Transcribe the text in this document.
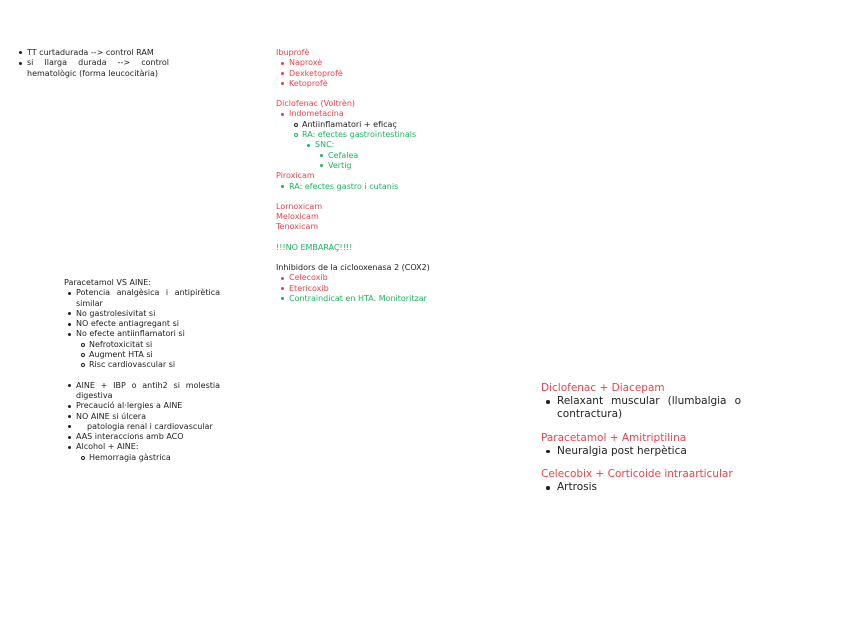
TT curtadurada --> control RAM
si llarga durada --> control hematològic (forma leucocitària)
Ibuprofè
Naproxè
Dexketoprofè
Ketoprofè
Diclofenac (Voltrèn)
Indometacina
Antiinflamatori + eficaç
RA: efectes gastrointestinals
SNC:
Cefalea
Vertig
Piroxicam
RA: efectes gastro i cutanis
Lornoxicam
Meloxicam
Tenoxicam
!!!NO EMBARAÇ!!!!
Inhibidors de la ciclooxenasa 2 (COX2)
Celecoxib
Etericoxib
Contraindicat en HTA. Monitoritzar
Paracetamol VS AINE:
Potencia analgèsica i antipirètica similar
No gastrolesivitat si
NO efecte antiagregant si
No efecte antiinflamatori si
Nefrotoxicitat si
Augment HTA si
Risc cardiovascular si
AINE + IBP o antih2 si molestia digestiva
Precaució al·lergies a AINE
NO AINE si úlcera
patologia renal i cardiovascular
AAS interaccions amb ACO
Alcohol + AINE:
Hemorragia gàstrica
Diclofenac + Diacepam
Relaxant muscular (llumbalgia o contractura)
Paracetamol + Amitriptilina
Neuralgia post herpètica
Celecobix + Corticoide intraarticular
Artrosis
